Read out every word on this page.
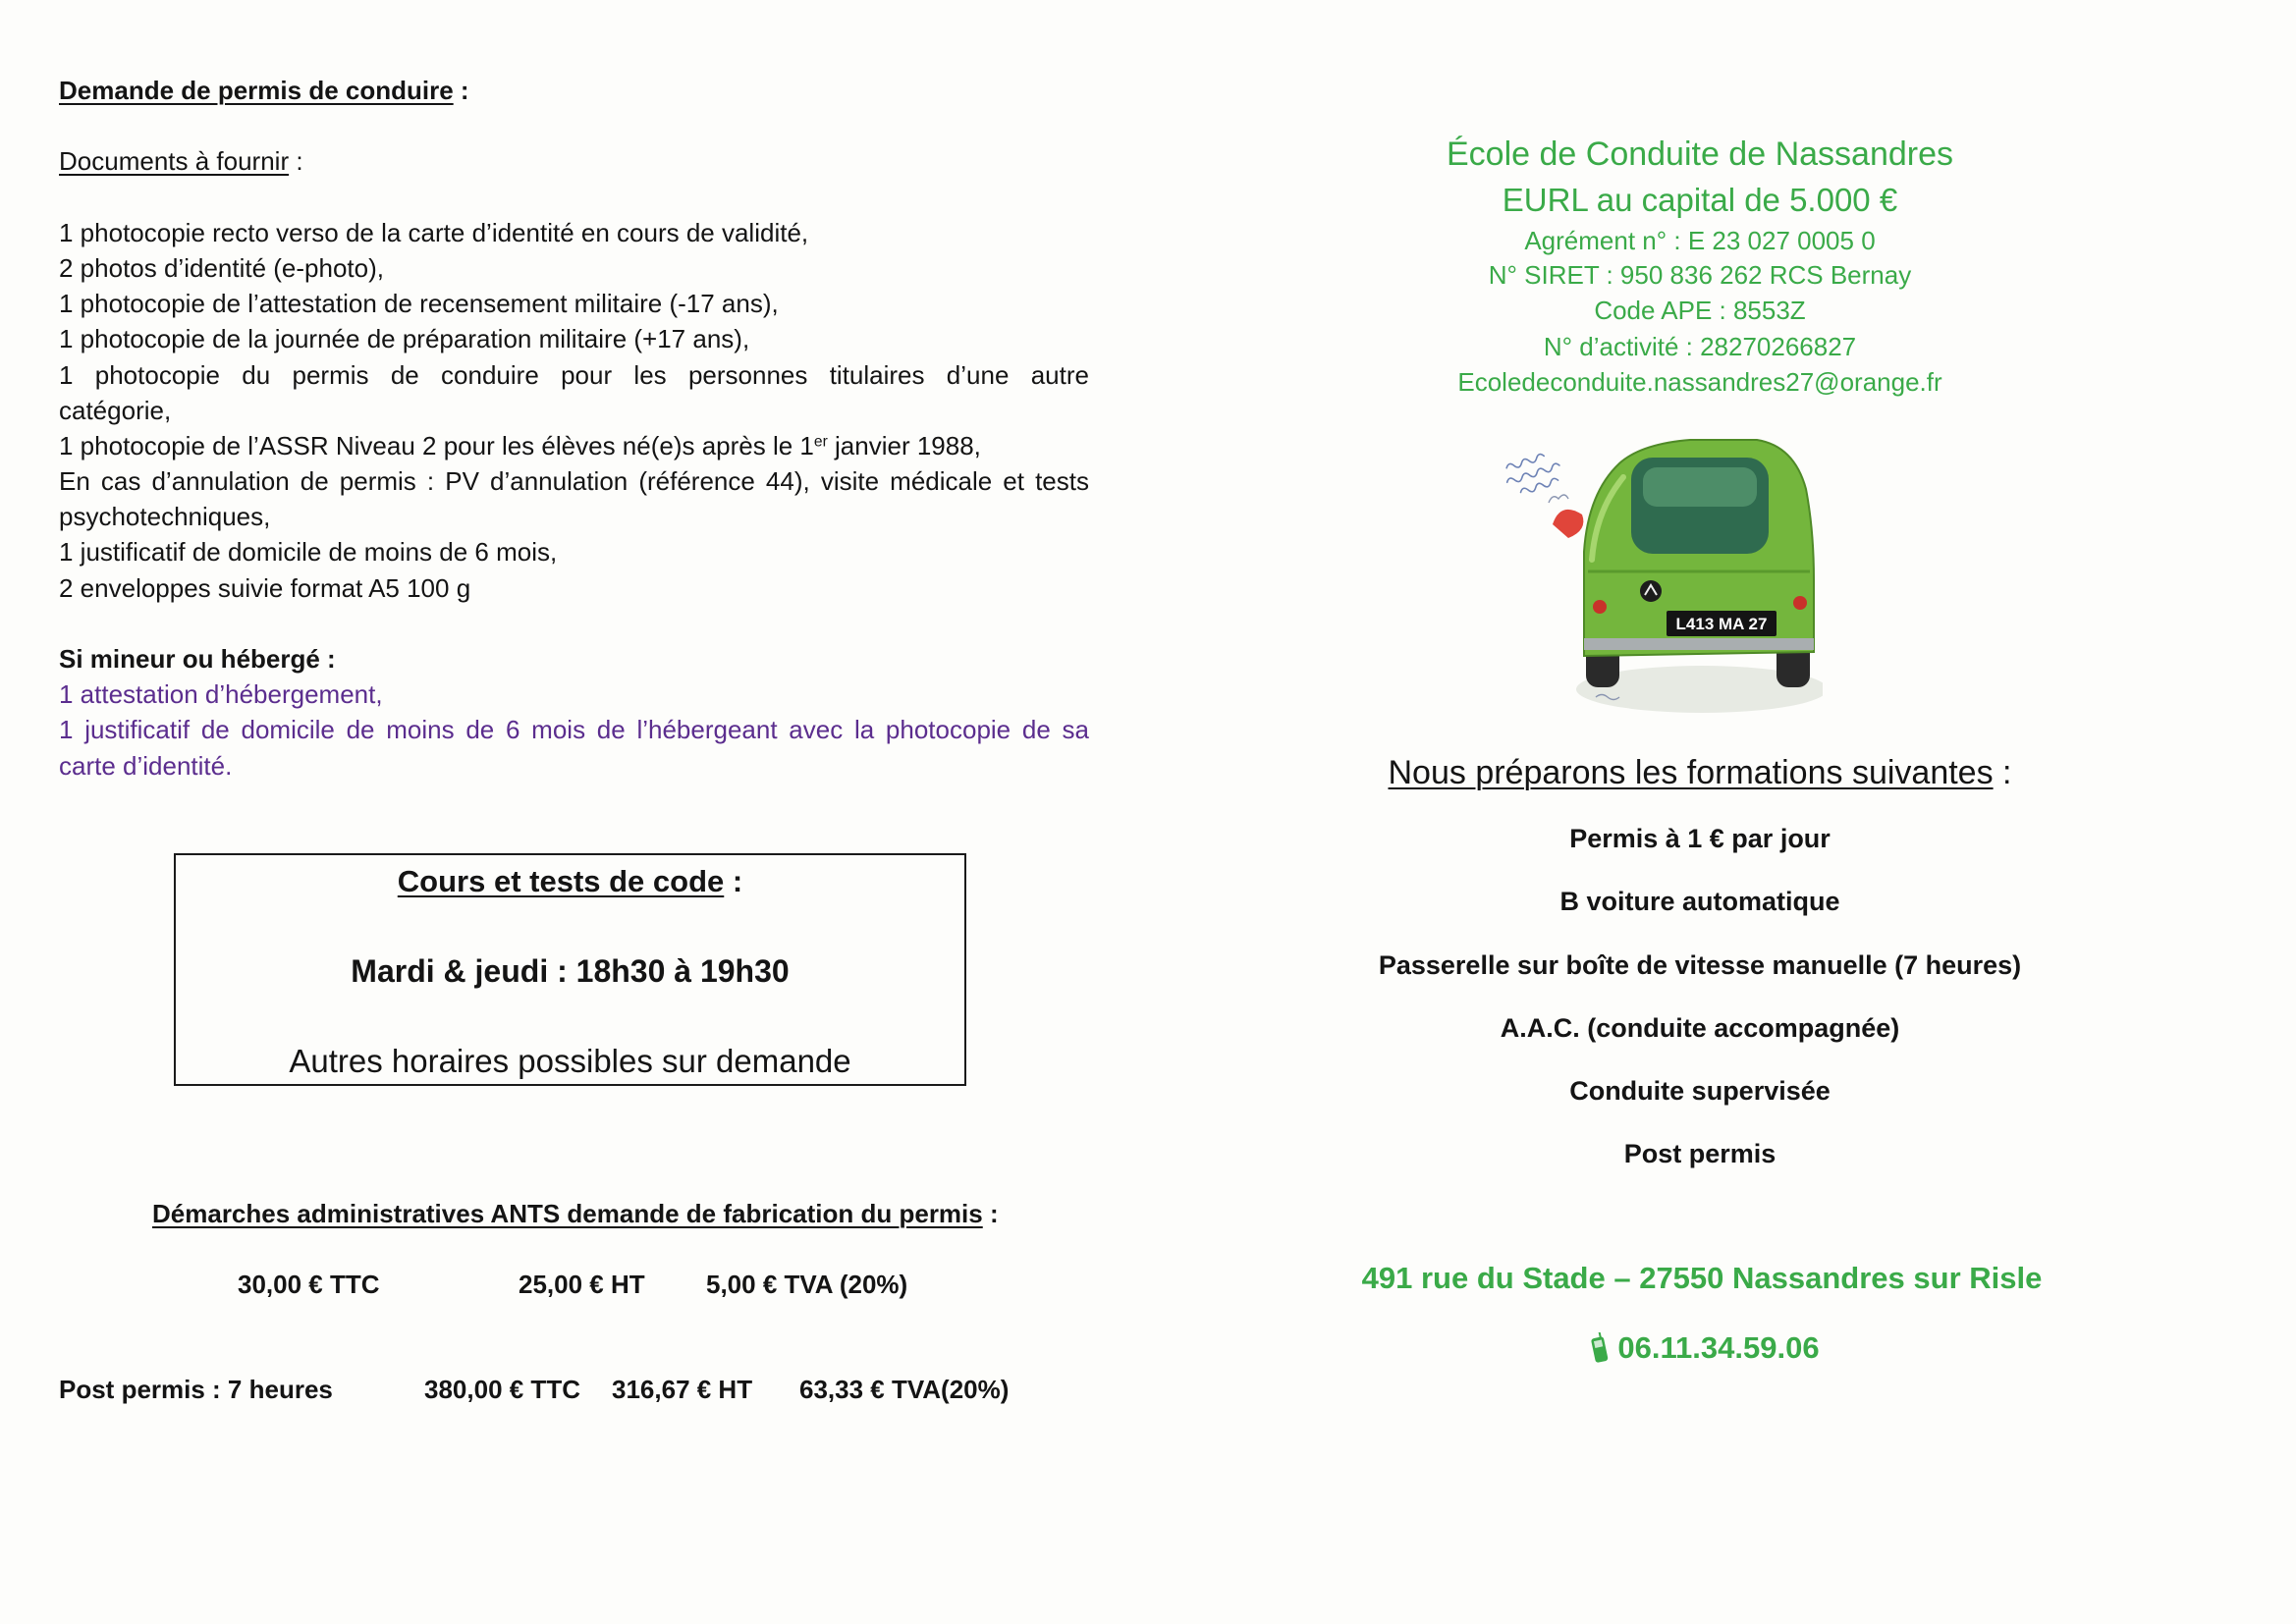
Demande de permis de conduire :
Documents à fournir :
1 photocopie recto verso de la carte d’identité en cours de validité,
2 photos d’identité (e-photo),
1 photocopie de l’attestation de recensement militaire (-17 ans),
1 photocopie de la journée de préparation militaire (+17 ans),
1 photocopie du permis de conduire pour les personnes titulaires d’une autre
catégorie,
1 photocopie de l’ASSR Niveau 2 pour les élèves né(e)s après le 1er janvier 1988,
En cas d’annulation de permis : PV d’annulation (référence 44), visite médicale et tests
psychotechniques,
1 justificatif de domicile de moins de 6 mois,
2 enveloppes suivie format A5 100 g
Si mineur ou hébergé :
1 attestation d’hébergement,
1 justificatif de domicile de moins de 6 mois de l’hébergeant avec la photocopie de sa
carte d’identité.
Cours et tests de code :
Mardi & jeudi : 18h30 à 19h30
Autres horaires possibles sur demande
Démarches administratives ANTS demande de fabrication du permis :
30,00 € TTC	25,00 € HT 5,00 € TVA (20%)
Post permis : 7 heures	380,00 € TTC 316,67 € HT 63,33 € TVA(20%)
École de Conduite de Nassandres
EURL au capital de 5.000 €
Agrément n° : E 23 027 0005 0
N° SIRET : 950 836 262 RCS Bernay
Code APE : 8553Z
N° d’activité : 28270266827
Ecoledeconduite.nassandres27@orange.fr
L413 MA 27
Nous préparons les formations suivantes :
Permis à 1 € par jour
B voiture automatique
Passerelle sur boîte de vitesse manuelle (7 heures)
A.A.C. (conduite accompagnée)
Conduite supervisée
Post permis
491 rue du Stade – 27550 Nassandres sur Risle
06.11.34.59.06
